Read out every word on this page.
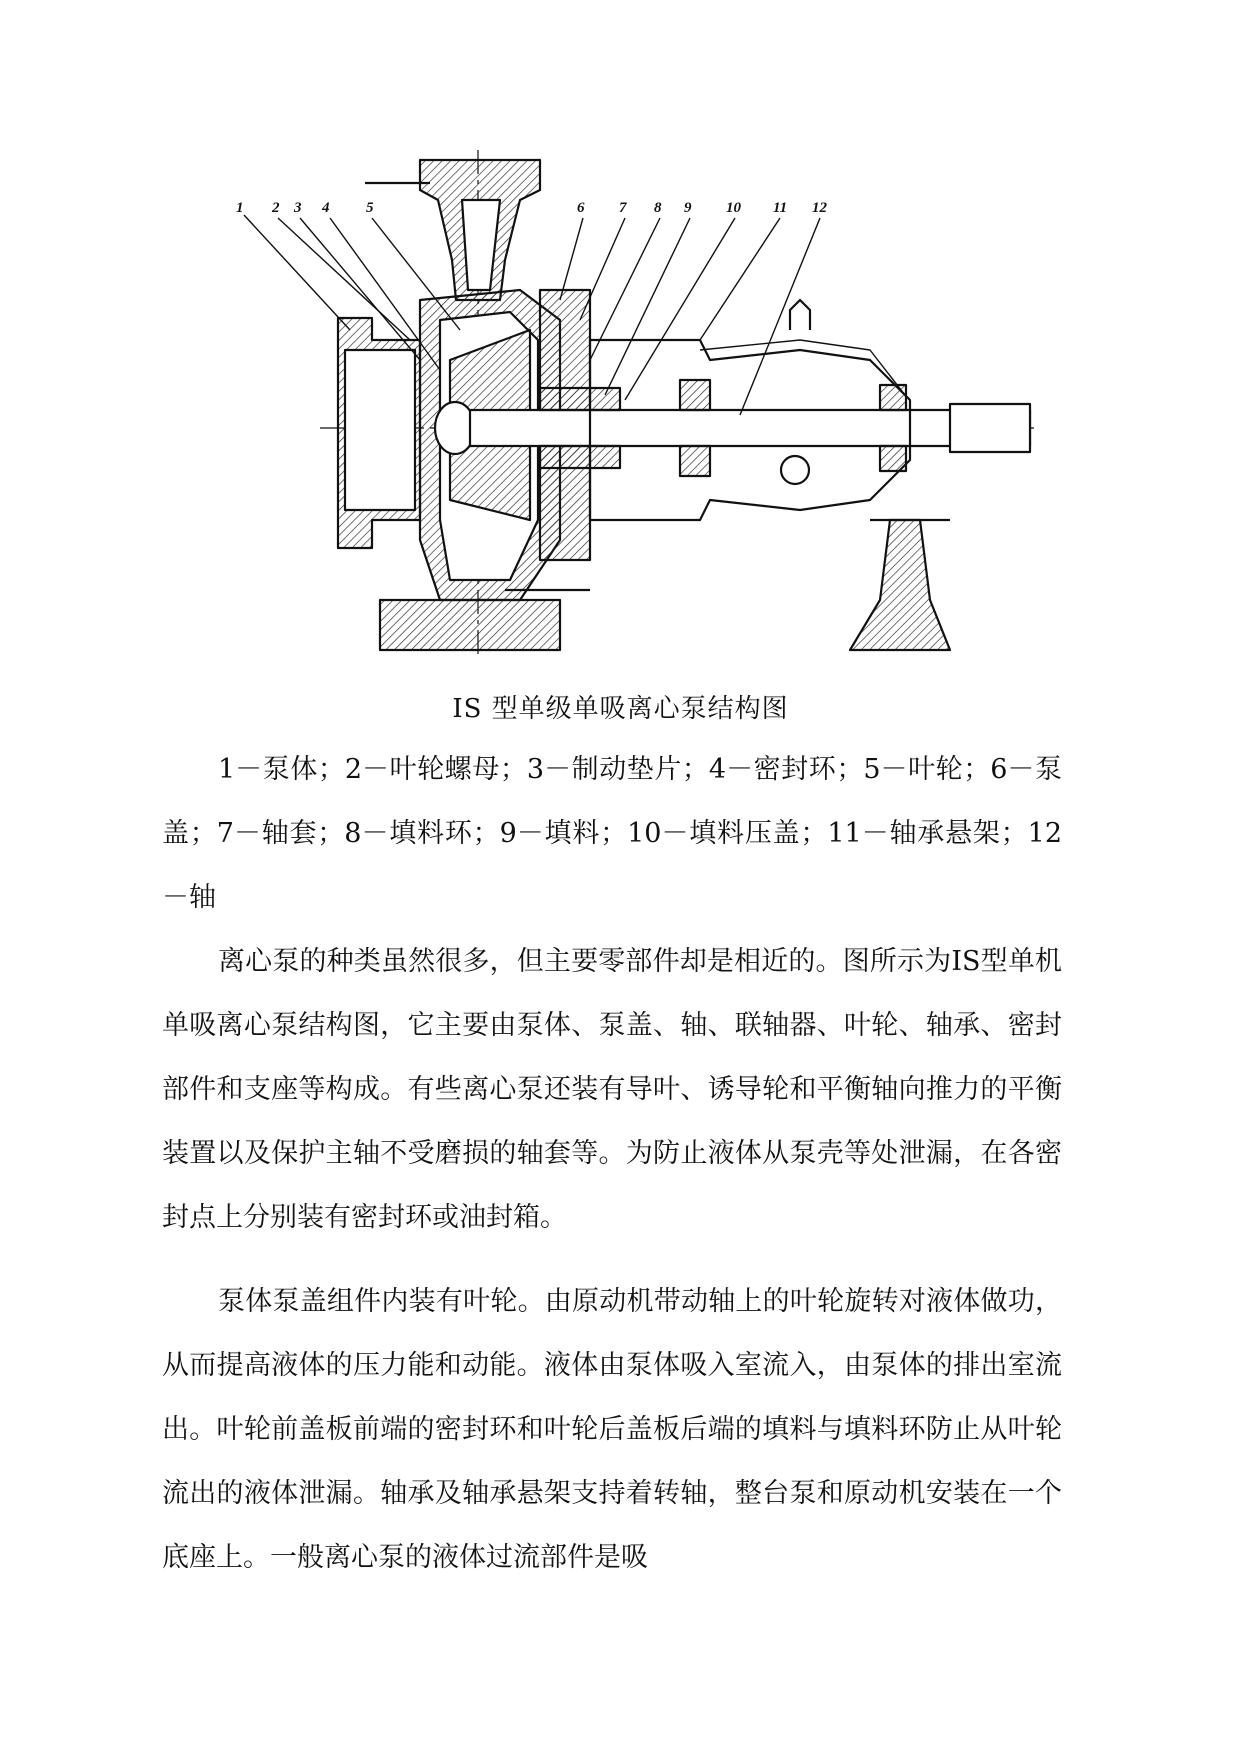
1 2 3 4 5	6 7 8 9 10 11 12
IS 型单级单吸离心泵结构图

1－泵体；2－叶轮螺母；3－制动垫片；4－密封环；5－叶轮；6－泵盖；7－轴套；8－填料环；9－填料；10－填料压盖；11－轴承悬架；12－轴

离心泵的种类虽然很多，但主要零部件却是相近的。图所示为IS型单机单吸离心泵结构图，它主要由泵体、泵盖、轴、联轴器、叶轮、轴承、密封部件和支座等构成。有些离心泵还装有导叶、诱导轮和平衡轴向推力的平衡装置以及保护主轴不受磨损的轴套等。为防止液体从泵壳等处泄漏，在各密封点上分别装有密封环或油封箱。

泵体泵盖组件内装有叶轮。由原动机带动轴上的叶轮旋转对液体做功，从而提高液体的压力能和动能。液体由泵体吸入室流入，由泵体的排出室流出。叶轮前盖板前端的密封环和叶轮后盖板后端的填料与填料环防止从叶轮流出的液体泄漏。轴承及轴承悬架支持着转轴，整台泵和原动机安装在一个底座上。一般离心泵的液体过流部件是吸
